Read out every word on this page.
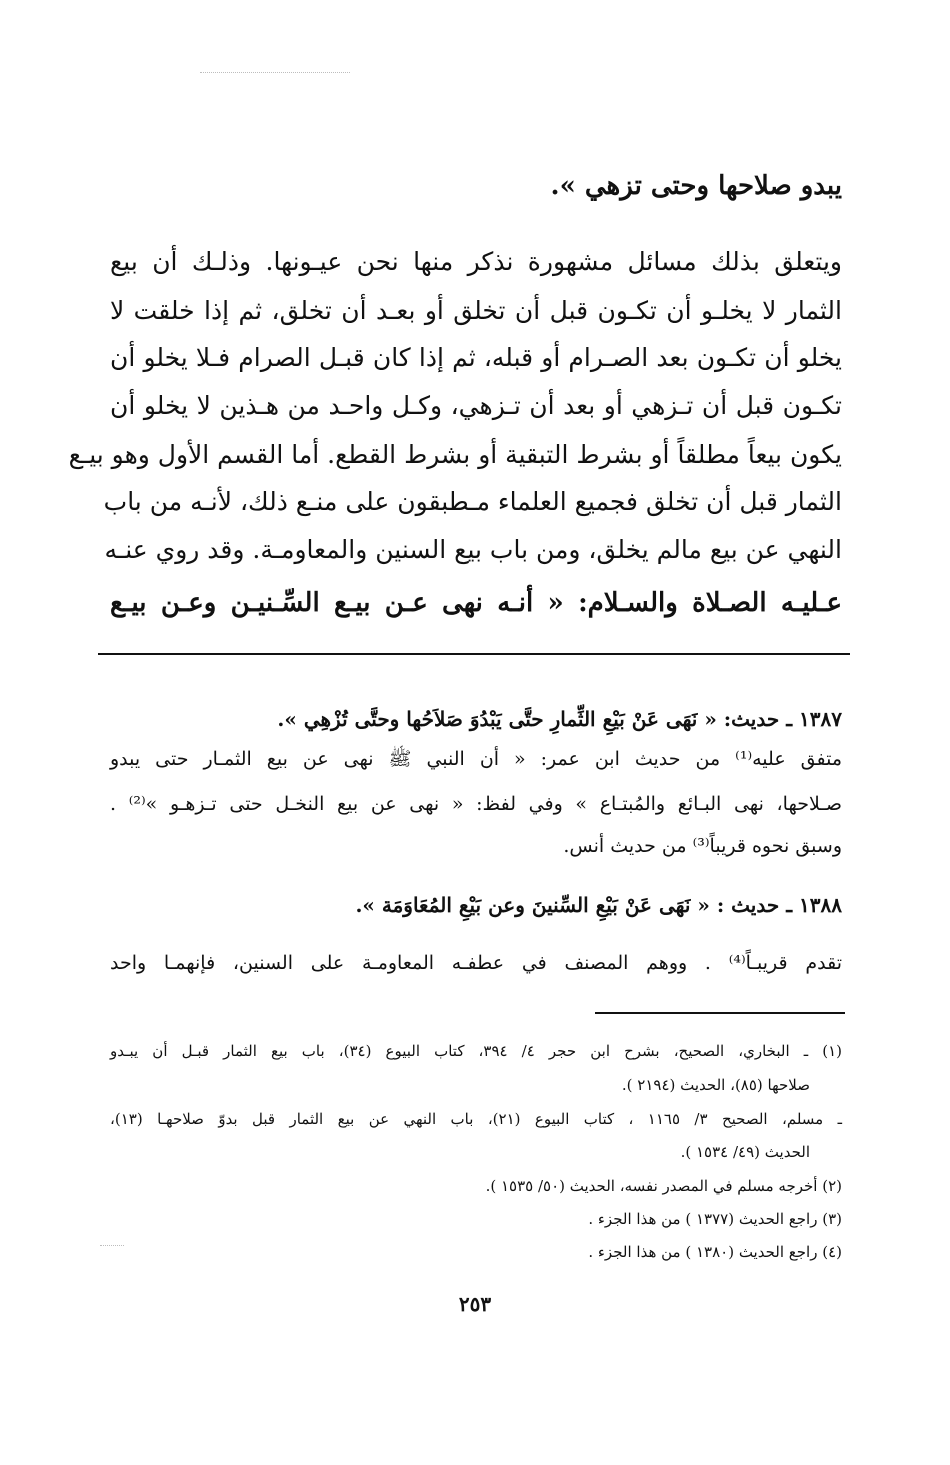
يبدو صلاحها وحتى تزهي ».
ويتعلق بذلك مسائل مشهورة نذكر منها نحن عيـونها. وذلـك أن بيع
الثمار لا يخلـو أن تكـون قبل أن تخلق أو بعـد أن تخلق، ثم إذا خلقت لا
يخلو أن تكـون بعد الصـرام أو قبله، ثم إذا كان قبـل الصرام فـلا يخلو أن
تكـون قبل أن تـزهي أو بعد أن تـزهي، وكـل واحـد من هـذين لا يخلو أن
يكون بيعاً مطلقاً أو بشرط التبقية أو بشرط القطع. أما القسم الأول وهو بيـع
الثمار قبل أن تخلق فجميع العلماء مـطبقون على منـع ذلك، لأنـه من باب
النهي عن بيع مالم يخلق، ومن باب بيع السنين والمعاومـة. وقد روي عنـه
عـليـه الصـلاة والسـلام: « أنـه نهى عـن بيـع السِّـنيـن وعـن بيـع
١٣٨٧ ـ حديث: « نَهَى عَنْ بَيْعِ الثِّمارِ حتَّى يَبْدُوَ صَلاَحُها وحتَّى تُزْهِي ».
متفق عليه⁽¹⁾ من حديث ابن عمر: « أن النبي ﷺ نهى عن بيع الثمـار حتى يبدو
صـلاحها، نهى البـائع والمُبتـاع » وفي لفظ: « نهى عن بيع النخـل حتى تـزهـو »⁽²⁾ .
وسبق نحوه قريباً⁽³⁾ من حديث أنس.
١٣٨٨ ـ حديث : « نَهَى عَنْ بَيْعِ السِّنينَ وعن بَيْعِ المُعَاوَمَة ».
تقدم قريبـاً⁽⁴⁾ . ووهم المصنف في عطفـه المعاومـة على السنين، فإنهمـا واحد
(١) ـ البخاري، الصحيح، بشرح ابن حجر ٤/ ٣٩٤، كتاب البيوع (٣٤)، باب بيع الثمار قبـل أن يبـدو
صلاحها (٨٥)، الحديث (٢١٩٤ ).
ـ مسلم، الصحيح ٣/ ١١٦٥ ، كتاب البيوع (٢١)، باب النهي عن بيع الثمار قبل بدوّ صلاحهـا (١٣)،
الحديث (٤٩/ ١٥٣٤ ).
(٢) أخرجه مسلم في المصدر نفسه، الحديث (٥٠/ ١٥٣٥ ).
(٣) راجع الحديث (١٣٧٧ ) من هذا الجزء .
(٤) راجع الحديث (١٣٨٠ ) من هذا الجزء .
٢٥٣
